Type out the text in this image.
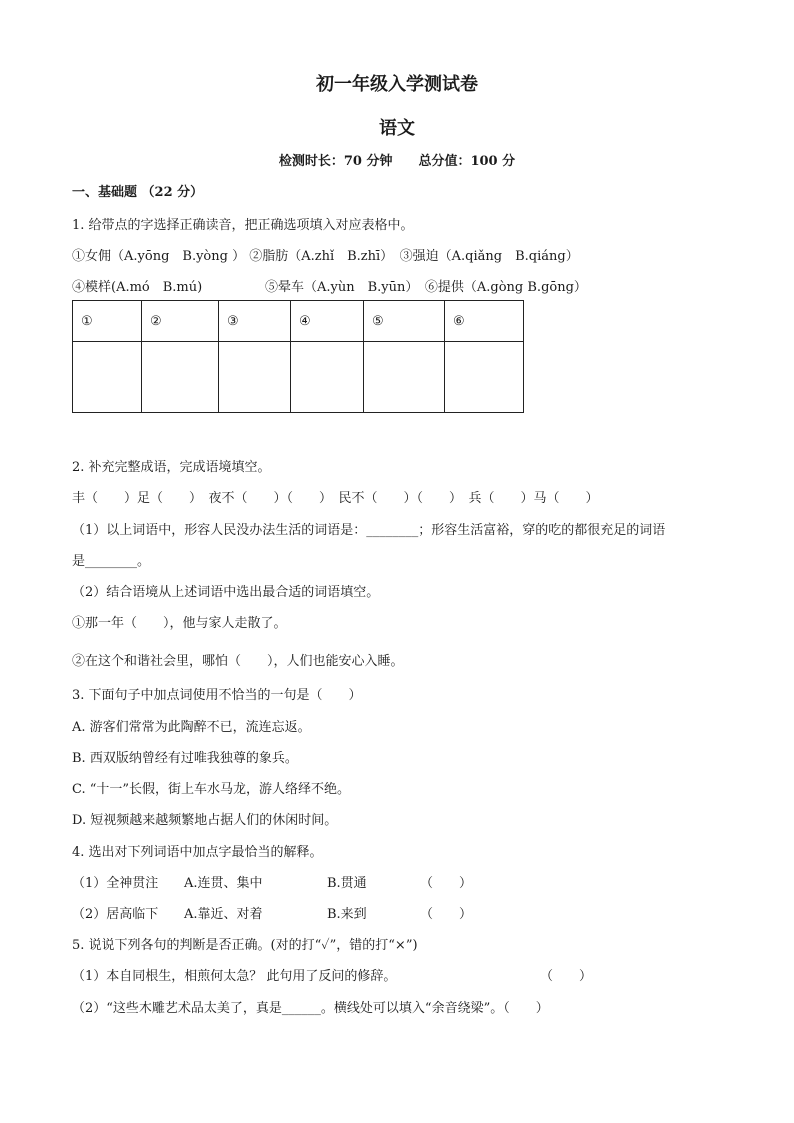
初一年级入学测试卷
语文
检测时长：70 分钟 总分值：100 分
一、基础题 （22 分）
1. 给带点的字选择正确读音，把正确选项填入对应表格中。
①女佣（A.yōng　B.yòng ） ②脂肪（A.zhǐ　B.zhī）　③强迫（A.qiǎng　B.qiáng）
④模样(A.mó　B.mú)	⑤晕车（A.yùn　B.yūn）　⑥提供（A.gòng B.gōng）
①	②	③	④	⑤	⑥

2. 补充完整成语，完成语境填空。
丰（　　）足（　　）　夜不（　　）（　　）　民不（　　）（　　）　兵（　　）马（　　）
（1）以上词语中，形容人民没办法生活的词语是：________；形容生活富裕，穿的吃的都很充足的词语
是________。
（2）结合语境从上述词语中选出最合适的词语填空。
①那一年（　　），他与家人走散了。
②在这个和谐社会里，哪怕（　　），人们也能安心入睡。
3. 下面句子中加点词使用不恰当的一句是（　　）
A. 游客们常常为此陶醉不已，流连忘返。
B. 西双版纳曾经有过唯我独尊的象兵。
C. “十一”长假，街上车水马龙，游人络绎不绝。
D. 短视频越来越频繁地占据人们的休闲时间。
4. 选出对下列词语中加点字最恰当的解释。
（1）全神贯注 A.连贯、集中	B.贯通	（　　）
（2）居高临下 A.靠近、对着	B.来到	（　　）
5. 说说下列各句的判断是否正确。(对的打“✓”，错的打“×”)
（1）本自同根生，相煎何太急？ 此句用了反问的修辞。	（　　）
（2）“这些木雕艺术品太美了，真是______。横线处可以填入“余音绕梁”。（　　）
